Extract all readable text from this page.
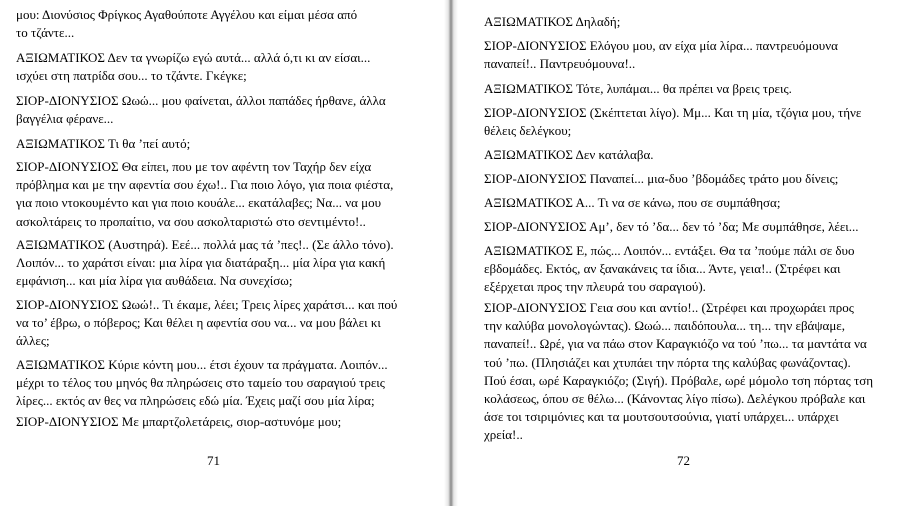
μου: Διονύσιος Φρίγκος Αγαθούποτε Αγγέλου και είμαι μέσα από
το τζάντε...

ΑΞΙΩΜΑΤΙΚΟΣ Δεν τα γνωρίζω εγώ αυτά... αλλά ό,τι κι αν είσαι...
ισχύει στη πατρίδα σου... το τζάντε. Γκέγκε;

ΣΙΟΡ-ΔΙΟΝΥΣΙΟΣ Ωωώ... μου φαίνεται, άλλοι παπάδες ήρθανε, άλλα
βαγγέλια φέρανε...

ΑΞΙΩΜΑΤΙΚΟΣ Τι θα ’πεί αυτό;

ΣΙΟΡ-ΔΙΟΝΥΣΙΟΣ Θα είπει, που με τον αφέντη τον Ταχήρ δεν είχα
πρόβλημα και με την αφεντία σου έχω!.. Για ποιο λόγο, για ποια φιέστα,
για ποιο ντοκουμέντο και για ποιο κουάλε... εκατάλαβες; Να... να μου
ασκολτάρεις το προπαίτιο, να σου ασκολταριστώ στο σεντιμέντο!..

ΑΞΙΩΜΑΤΙΚΟΣ (Αυστηρά). Εεέ... πολλά μας τά ’πες!.. (Σε άλλο τόνο).
Λοιπόν... το χαράτσι είναι: μια λίρα για διατάραξη... μία λίρα για κακή
εμφάνιση... και μία λίρα για αυθάδεια. Να συνεχίσω;

ΣΙΟΡ-ΔΙΟΝΥΣΙΟΣ Ωωώ!.. Τι έκαμε, λέει; Τρεις λίρες χαράτσι... και πού
να το’ έβρω, ο πόβερος; Και θέλει η αφεντία σου να... να μου βάλει κι
άλλες;

ΑΞΙΩΜΑΤΙΚΟΣ Κύριε κόντη μου... έτσι έχουν τα πράγματα. Λοιπόν...
μέχρι το τέλος του μηνός θα πληρώσεις στο ταμείο του σαραγιού τρεις
λίρες... εκτός αν θες να πληρώσεις εδώ μία. Έχεις μαζί σου μία λίρα;

ΣΙΟΡ-ΔΙΟΝΥΣΙΟΣ Με μπαρτζολετάρεις, σιορ-αστυνόμε μου;

71

ΑΞΙΩΜΑΤΙΚΟΣ Δηλαδή;

ΣΙΟΡ-ΔΙΟΝΥΣΙΟΣ Ελόγου μου, αν είχα μία λίρα... παντρευόμουνα
παναπεί!.. Παντρευόμουνα!..

ΑΞΙΩΜΑΤΙΚΟΣ Τότε, λυπάμαι... θα πρέπει να βρεις τρεις.

ΣΙΟΡ-ΔΙΟΝΥΣΙΟΣ (Σκέπτεται λίγο). Μμ... Και τη μία, τζόγια μου, τήνε
θέλεις δελέγκου;

ΑΞΙΩΜΑΤΙΚΟΣ Δεν κατάλαβα.

ΣΙΟΡ-ΔΙΟΝΥΣΙΟΣ Παναπεί... μια-δυο ’βδομάδες τράτο μου δίνεις;

ΑΞΙΩΜΑΤΙΚΟΣ Α... Τι να σε κάνω, που σε συμπάθησα;

ΣΙΟΡ-ΔΙΟΝΥΣΙΟΣ Αμ’, δεν τό ’δα... δεν τό ’δα; Με συμπάθησε, λέει...

ΑΞΙΩΜΑΤΙΚΟΣ Ε, πώς... Λοιπόν... εντάξει. Θα τα ’πούμε πάλι σε δυο
εβδομάδες. Εκτός, αν ξανακάνεις τα ίδια... Άντε, γεια!.. (Στρέφει και
εξέρχεται προς την πλευρά του σαραγιού).

ΣΙΟΡ-ΔΙΟΝΥΣΙΟΣ Γεια σου και αντίο!.. (Στρέφει και προχωράει προς
την καλύβα μονολογώντας). Ωωώ... παιδόπουλα... τη... την εβάψαμε,
παναπεί!.. Ωρέ, για να πάω στον Καραγκιόζο να τού ’πω... τα μαντάτα να
τού ’πω. (Πλησιάζει και χτυπάει την πόρτα της καλύβας φωνάζοντας).
Πού έσαι, ωρέ Καραγκιόζο; (Σιγή). Πρόβαλε, ωρέ μόμολο τση πόρτας τση
κολάσεως, όπου σε θέλω... (Κάνοντας λίγο πίσω). Δελέγκου πρόβαλε και
άσε τοι τσιριμόνιες και τα μουτσουτσούνια, γιατί υπάρχει... υπάρχει
χρεία!..

72
